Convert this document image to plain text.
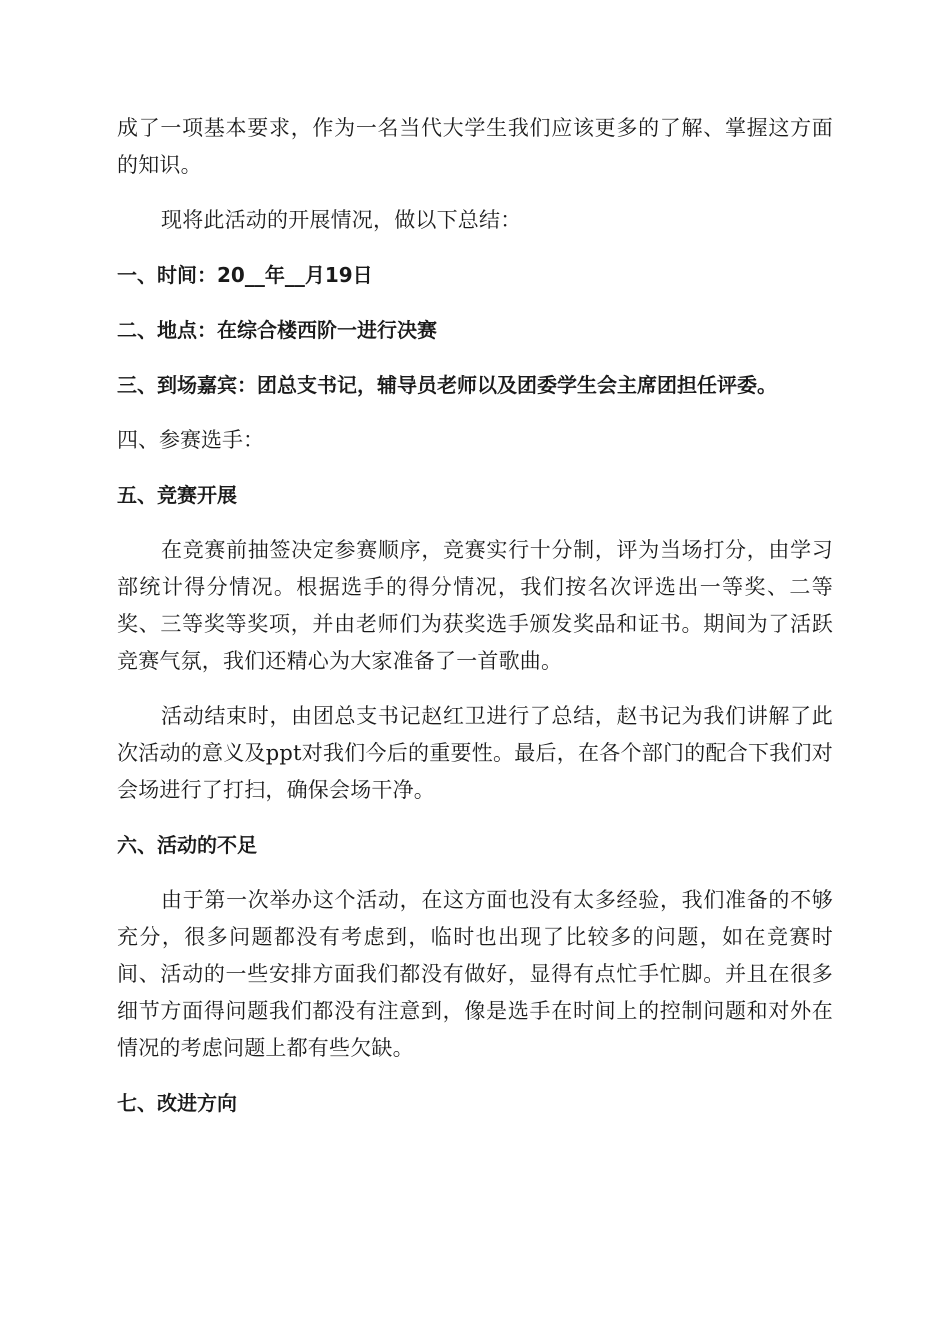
成了一项基本要求，作为一名当代大学生我们应该更多的了解、掌握这方面的知识。

现将此活动的开展情况，做以下总结：

一、时间：20__年__月19日

二、地点：在综合楼西阶一进行决赛

三、到场嘉宾：团总支书记，辅导员老师以及团委学生会主席团担任评委。

四、参赛选手：

五、竞赛开展

在竞赛前抽签决定参赛顺序，竞赛实行十分制，评为当场打分，由学习部统计得分情况。根据选手的得分情况，我们按名次评选出一等奖、二等奖、三等奖等奖项，并由老师们为获奖选手颁发奖品和证书。期间为了活跃竞赛气氛，我们还精心为大家准备了一首歌曲。

活动结束时，由团总支书记赵红卫进行了总结，赵书记为我们讲解了此次活动的意义及ppt对我们今后的重要性。最后，在各个部门的配合下我们对会场进行了打扫，确保会场干净。

六、活动的不足

由于第一次举办这个活动，在这方面也没有太多经验，我们准备的不够充分，很多问题都没有考虑到，临时也出现了比较多的问题，如在竞赛时间、活动的一些安排方面我们都没有做好，显得有点忙手忙脚。并且在很多细节方面得问题我们都没有注意到，像是选手在时间上的控制问题和对外在情况的考虑问题上都有些欠缺。

七、改进方向
